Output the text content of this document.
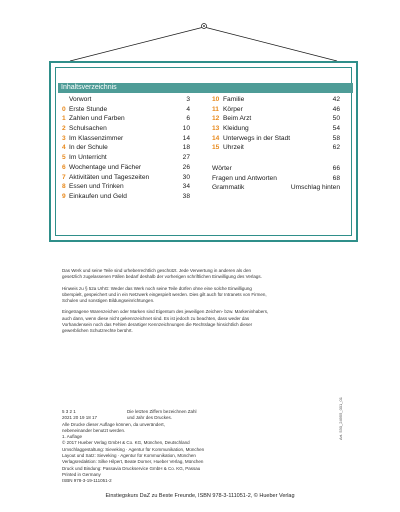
Inhaltsverzeichnis
Vorwort	3
0 Erste Stunde	4
1 Zahlen und Farben	6
2 Schulsachen	10
3 Im Klassenzimmer	14
4 In der Schule	18
5 Im Unterricht	27
6 Wochentage und Fächer	26
7 Aktivitäten und Tageszeiten	30
8 Essen und Trinken	34
9 Einkaufen und Geld	38
10 Familie	42
11 Körper	46
12 Beim Arzt	50
13 Kleidung	54
14 Unterwegs in der Stadt	58
15 Uhrzeit	62
Wörter	66
Fragen und Antworten	68
Grammatik	Umschlag hinten

Das Werk und seine Teile sind urheberrechtlich geschützt. Jede Verwertung in anderen als den gesetzlich zugelassenen Fällen bedarf deshalb der vorherigen schriftlichen Einwilligung des Verlags.

Hinweis zu § 52a UrhG: Weder das Werk noch seine Teile dürfen ohne eine solche Einwilligung überspielt, gespeichert und in ein Netzwerk eingespielt werden. Dies gilt auch für Intranets von Firmen, Schulen und sonstigen Bildungseinrichtungen.

Eingetragene Warenzeichen oder Marken sind Eigentum des jeweiligen Zeichen- bzw. Markeninhabers, auch dann, wenn diese nicht gekennzeichnet sind. Es ist jedoch zu beachten, dass weder das Vorhandensein noch das Fehlen derartiger Kennzeichnungen die Rechtslage hinsichtlich dieser gewerblichen Schutzrechte berührt.

5 3 2 1
2021 20 19 18 17
Alle Drucke dieser Auflage können, da unverändert,
nebeneinander benutzt werden.
1. Auflage
© 2017 Hueber Verlag GmbH & Co. KG, München, Deutschland
Umschlaggestaltung: Sieveking · Agentur für Kommunikation, München
Layout und Satz: Sieveking · Agentur für Kommunikation, München
Verlagsredaktion: Silke Hilpert, Beate Dorner, Hueber Verlag, München
Druck und Bindung: Passavia Druckservice GmbH & Co. KG, Passau
Printed in Germany
ISBN 978-3-19-111051-2
Die letzten Ziffern bezeichnen Zahl und Jahr des Druckes.	Art. 530_24955_001_01
Einstiegskurs DaZ zu Beste Freunde, ISBN 978-3-111051-2, © Hueber Verlag
